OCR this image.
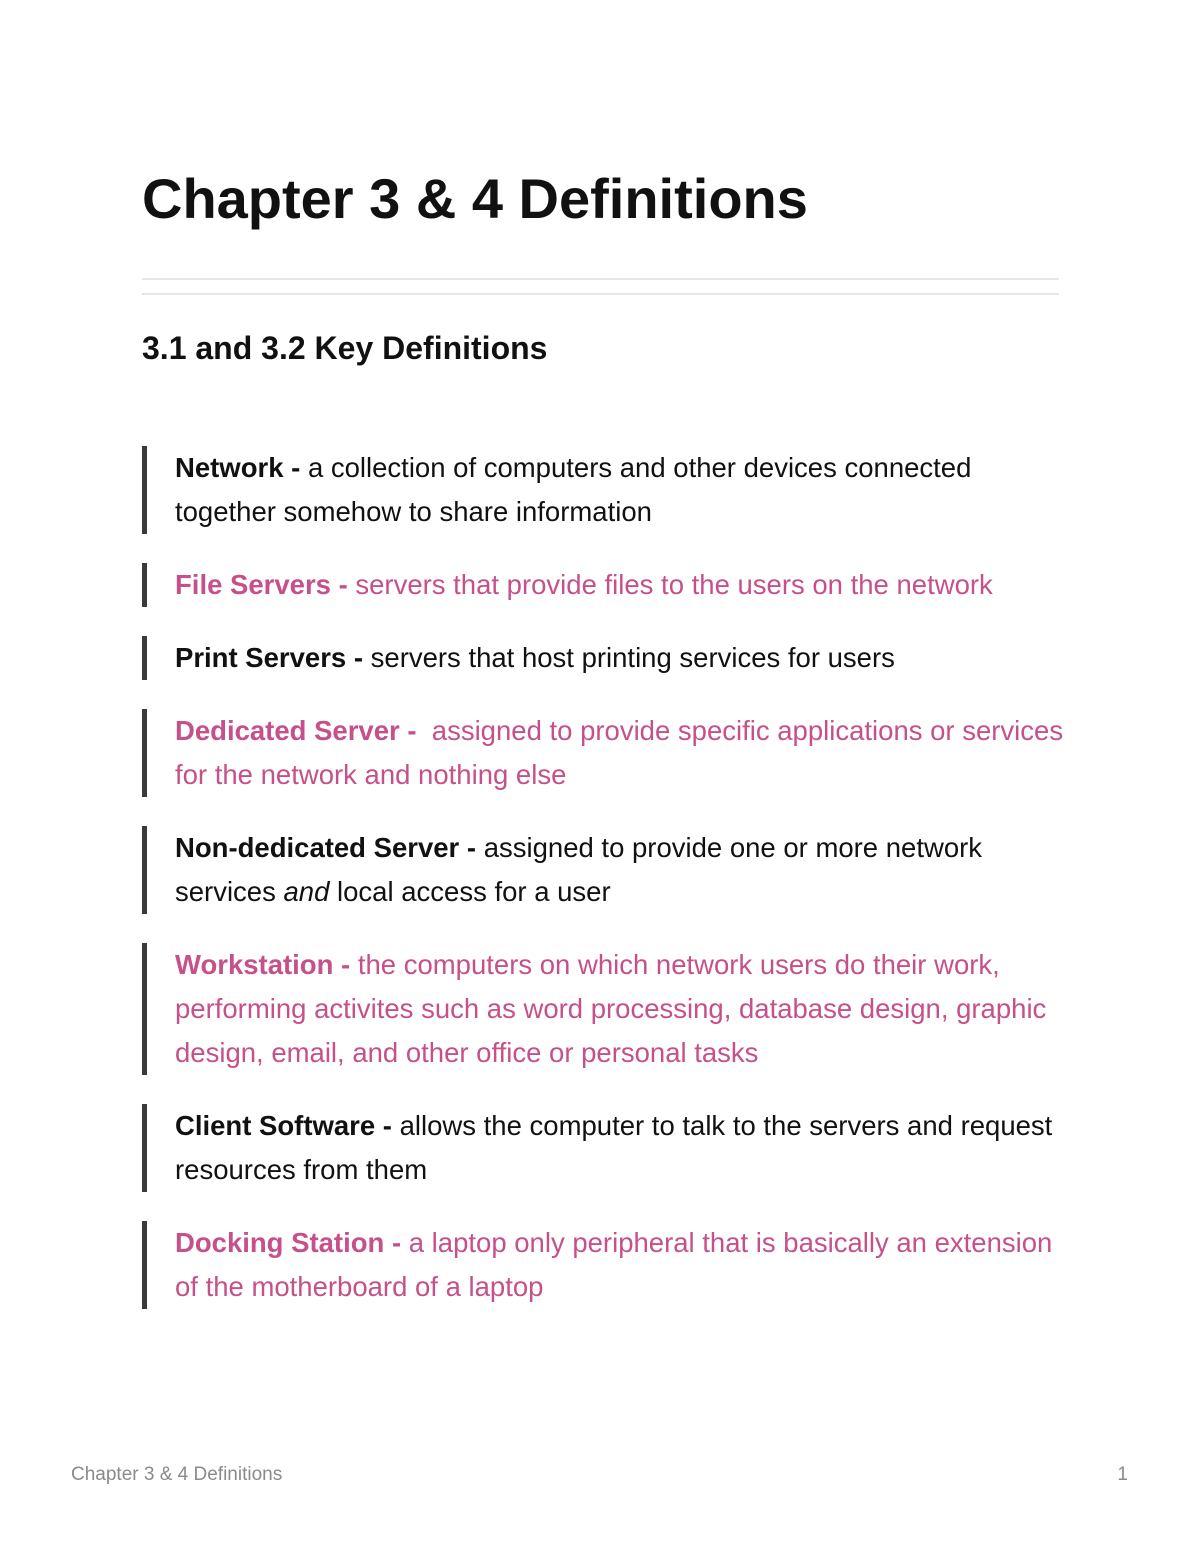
Chapter 3 & 4 Definitions
3.1 and 3.2 Key Definitions
Network - a collection of computers and other devices connected together somehow to share information
File Servers - servers that provide files to the users on the network
Print Servers - servers that host printing services for users
Dedicated Server -  assigned to provide specific applications or services for the network and nothing else
Non-dedicated Server - assigned to provide one or more network services and local access for a user
Workstation - the computers on which network users do their work, performing activites such as word processing, database design, graphic design, email, and other office or personal tasks
Client Software - allows the computer to talk to the servers and request resources from them
Docking Station - a laptop only peripheral that is basically an extension of the motherboard of a laptop
Chapter 3 & 4 Definitions	1
